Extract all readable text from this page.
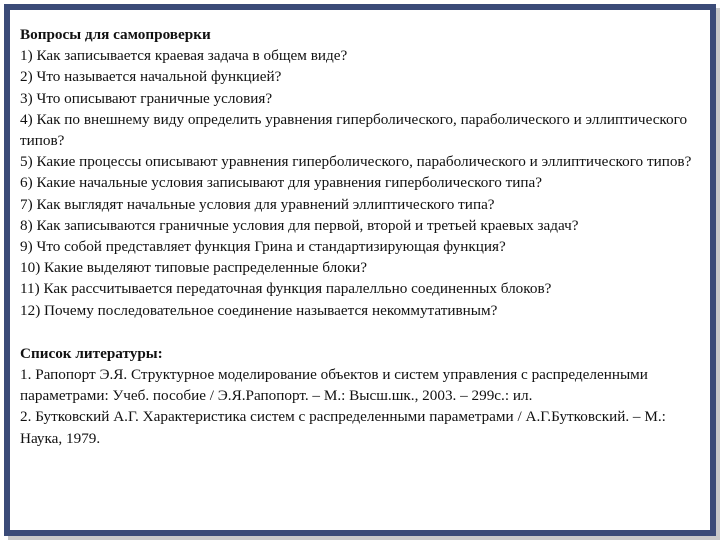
Вопросы для самопроверки
1) Как записывается краевая задача в общем виде?
2) Что называется начальной функцией?
3) Что описывают граничные условия?
4) Как по внешнему виду определить уравнения гиперболического, параболического и эллиптического типов?
5) Какие процессы описывают уравнения гиперболического, параболического и эллиптического типов?
6) Какие начальные условия записывают для уравнения гиперболического типа?
7) Как выглядят начальные условия для уравнений эллиптического типа?
8) Как записываются граничные условия для первой, второй и третьей краевых задач?
9) Что собой представляет функция Грина и стандартизирующая функция?
10) Какие выделяют типовые распределенные блоки?
11) Как рассчитывается передаточная функция паралелльно соединенных блоков?
12) Почему последовательное соединение называется некоммутативным?
Список литературы:
1. Рапопорт Э.Я. Структурное моделирование объектов и систем управления с распределенными параметрами: Учеб. пособие / Э.Я.Рапопорт. – М.: Высш.шк., 2003. – 299с.: ил.
2. Бутковский А.Г. Характеристика систем с распределенными параметрами / А.Г.Бутковский. – М.: Наука, 1979.
